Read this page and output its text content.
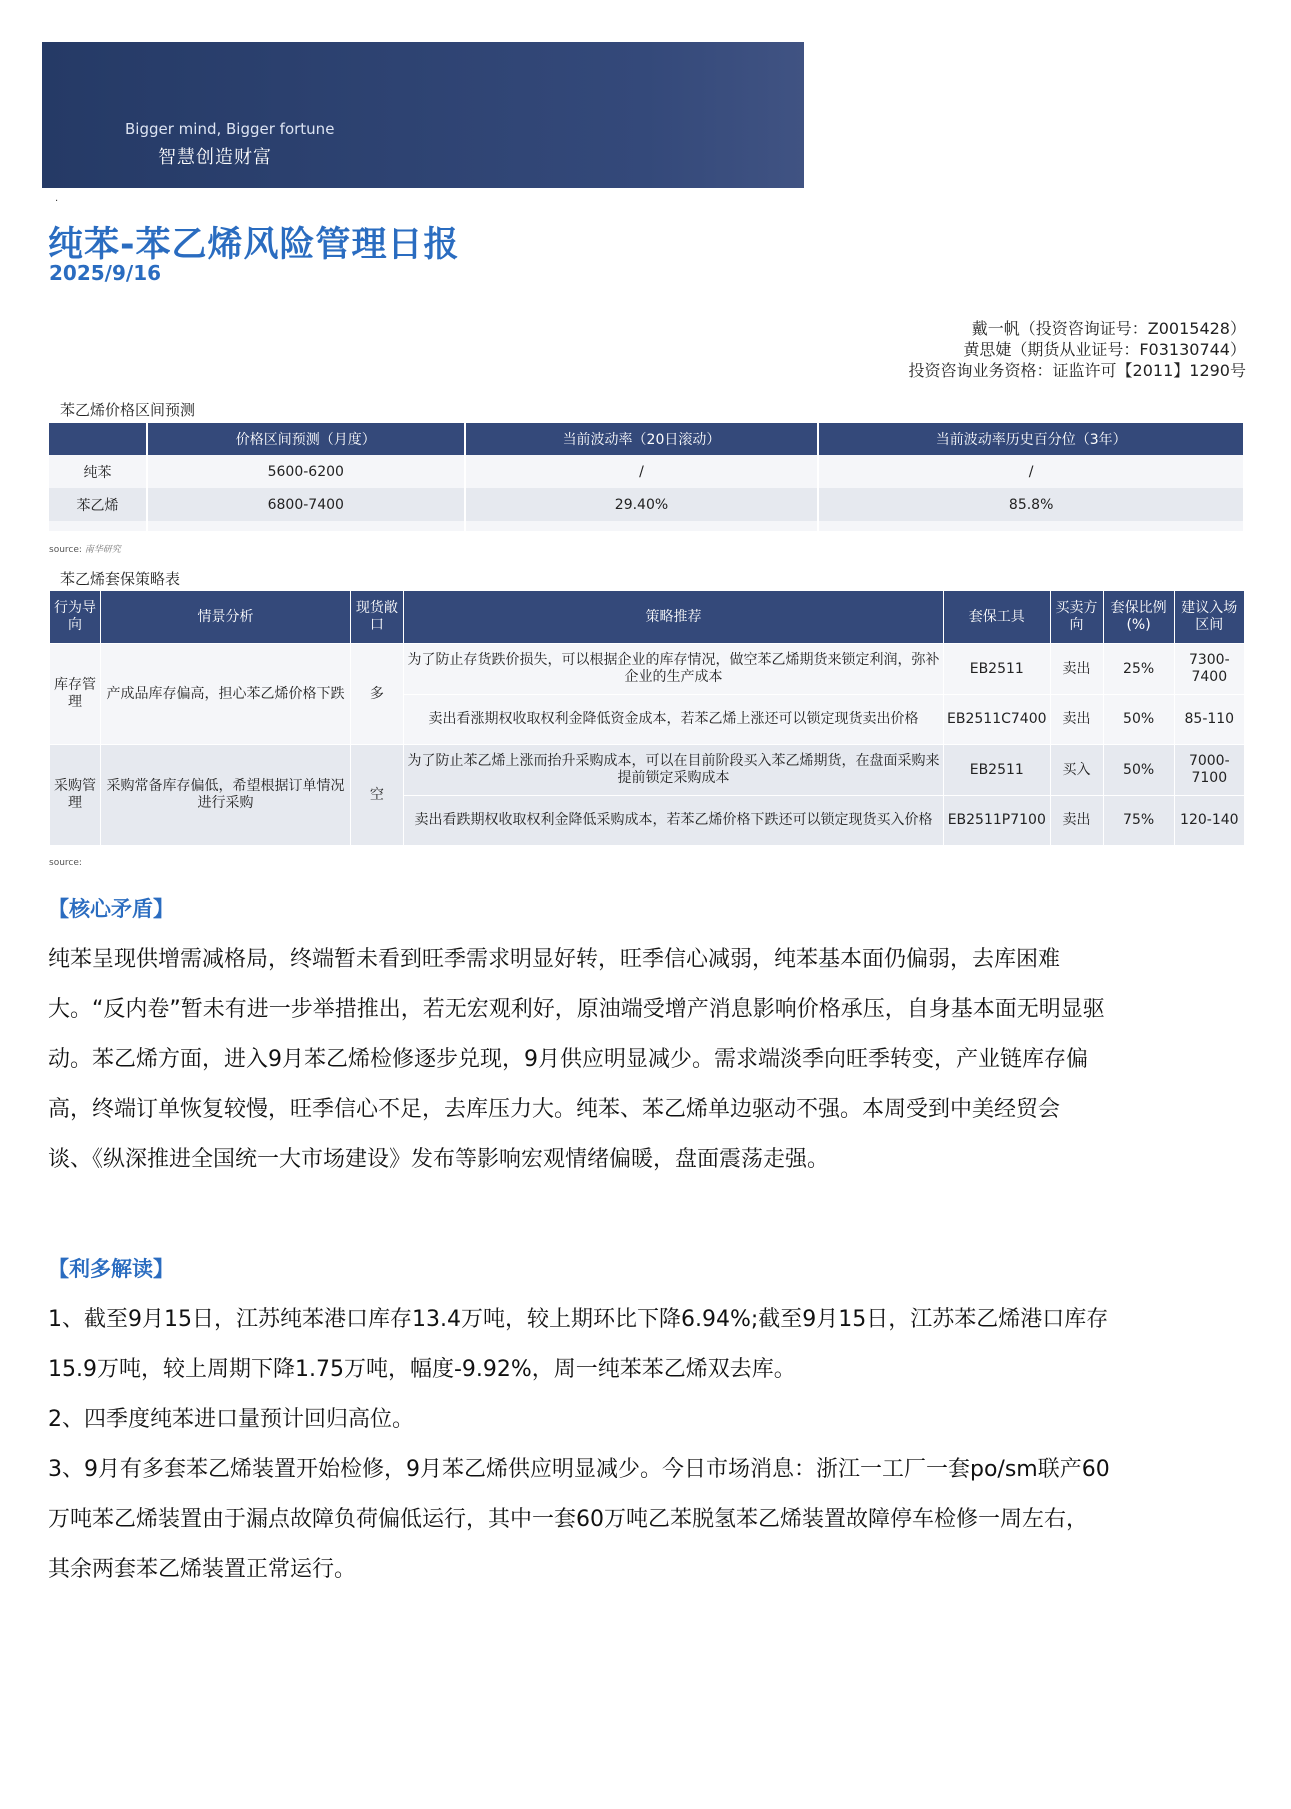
Bigger mind, Bigger fortune
智慧创造财富
.
纯苯-苯乙烯风险管理日报
2025/9/16
戴一帆（投资咨询证号：Z0015428）
黄思婕（期货从业证号：F03130744）
投资咨询业务资格：证监许可【2011】1290号
苯乙烯价格区间预测
	价格区间预测（月度）	当前波动率（20日滚动）	当前波动率历史百分位（3年）
纯苯	5600-6200	/	/
苯乙烯	6800-7400	29.40%	85.8%

source: 南华研究
苯乙烯套保策略表
行为导向	情景分析	现货敞口	策略推荐	套保工具	买卖方向	套保比例(%)	建议入场区间
库存管理	产成品库存偏高，担心苯乙烯价格下跌	多	为了防止存货跌价损失，可以根据企业的库存情况，做空苯乙烯期货来锁定利润，弥补企业的生产成本	EB2511	卖出	25%	7300-7400
			卖出看涨期权收取权利金降低资金成本，若苯乙烯上涨还可以锁定现货卖出价格	EB2511C7400	卖出	50%	85-110
采购管理	采购常备库存偏低，希望根据订单情况进行采购	空	为了防止苯乙烯上涨而抬升采购成本，可以在目前阶段买入苯乙烯期货，在盘面采购来提前锁定采购成本	EB2511	买入	50%	7000-7100
			卖出看跌期权收取权利金降低采购成本，若苯乙烯价格下跌还可以锁定现货买入价格	EB2511P7100	卖出	75%	120-140
source:
【核心矛盾】
纯苯呈现供增需减格局，终端暂未看到旺季需求明显好转，旺季信心减弱，纯苯基本面仍偏弱，去库困难
大。“反内卷”暂未有进一步举措推出，若无宏观利好，原油端受增产消息影响价格承压，自身基本面无明显驱
动。苯乙烯方面，进入9月苯乙烯检修逐步兑现，9月供应明显减少。需求端淡季向旺季转变，产业链库存偏
高，终端订单恢复较慢，旺季信心不足，去库压力大。纯苯、苯乙烯单边驱动不强。本周受到中美经贸会
谈、《纵深推进全国统一大市场建设》发布等影响宏观情绪偏暖，盘面震荡走强。
【利多解读】
1、截至9月15日，江苏纯苯港口库存13.4万吨，较上期环比下降6.94%;截至9月15日，江苏苯乙烯港口库存
15.9万吨，较上周期下降1.75万吨，幅度-9.92%，周一纯苯苯乙烯双去库。
2、四季度纯苯进口量预计回归高位。
3、9月有多套苯乙烯装置开始检修，9月苯乙烯供应明显减少。今日市场消息：浙江一工厂一套po/sm联产60
万吨苯乙烯装置由于漏点故障负荷偏低运行，其中一套60万吨乙苯脱氢苯乙烯装置故障停车检修一周左右，
其余两套苯乙烯装置正常运行。
